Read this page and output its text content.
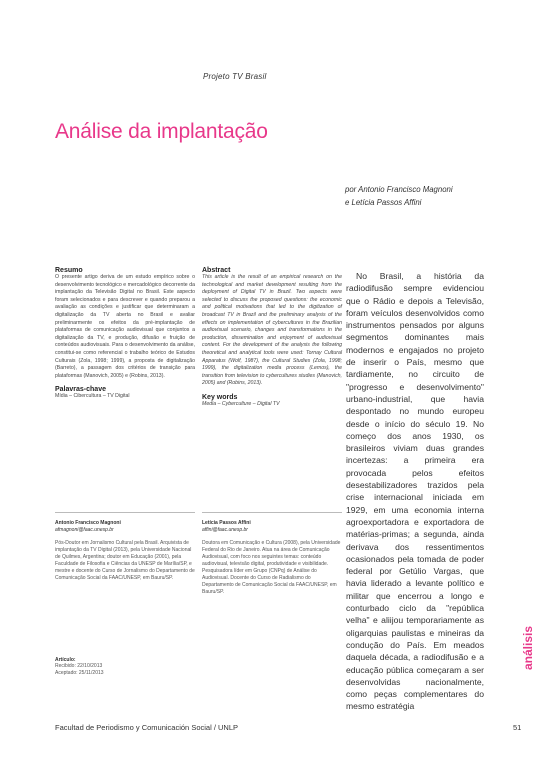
Projeto TV Brasil
Análise da implantação
por Antonio Francisco Magnoni
e Letícia Passos Affini
Resumo
O presente artigo deriva de um estudo empírico sobre o desenvolvimento tecnológico e mercadológico decorrente da implantação da Televisão Digital no Brasil. Este aspecto foram selecionados e para descrever e quando preparou a avaliação as condições e justificar que determinaram a digitalização da TV aberta no Brasil e avaliar preliminarmente os efeitos da pré-implantação de plataformas de comunicação audiovisual que conjuntos a digitalização da TV, e produção, difusão e fruição de conteúdos audiovisuais. Para o desenvolvimento da análise, constitui-se como referencial o trabalho teórico de Estudos Culturais (Zola, 1998; 1999), a proposta de digitalização (Barreto), a passagem dos critérios de transição para plataformas (Manovich, 2005) e (Robins, 2013).
Palavras-chave
Mídia – Cibercultura – TV Digital
Abstract
This article is the result of an empirical research on the technological and market development resulting from the deployment of Digital TV in Brazil. Two aspects were selected to discuss the proposed questions: the economic and political motivations that led to the digitization of broadcast TV in Brazil and the preliminary analysis of the effects on implementation of cybercultures in the Brazilian audiovisual scenario, changes and transformations in the production, dissemination and enjoyment of audiovisual content. For the development of the analysis the following theoretical and analytical tools were used: Tornay Cultural Apparatus (Wolf, 1987), the Cultural Studies (Zola, 1998; 1999), the digitalization media process (Lemos), the transition from television to cybercultures studies (Manovich, 2005) and (Robins, 2013).
Key words
Media – Cyberculture – Digital TV

No Brasil, a história da radiodifusão sempre evidenciou que o Rádio e depois a Televisão, foram veículos desenvolvidos como instrumentos pensados por alguns segmentos dominantes mais modernos e engajados no projeto de inserir o País, mesmo que tardiamente, no circuito de "progresso e desenvolvimento" urbano-industrial, que havia despontado no mundo europeu desde o início do século 19. No começo dos anos 1930, os brasileiros viviam duas grandes incertezas: a primeira era provocada pelos efeitos desestabilizadores trazidos pela crise internacional iniciada em 1929, em uma economia interna agroexportadora e exportadora de matérias-primas; a segunda, ainda derivava dos ressentimentos ocasionados pela tomada de poder federal por Getúlio Vargas, que havia liderado a levante político e militar que encerrou a longo e conturbado ciclo da "república velha" e aliijou temporariamente as oligarquias paulistas e mineiras da condução do País. Em meados daquela década, a radiodifusão e a educação pública começaram a ser desenvolvidas nacionalmente, como peças complementares do mesmo estratégia

Antonio Francisco Magnoni
afmagnoni@faac.unesp.br
Pós-Doutor em Jornalismo Cultural pela Brasil. Arquivista de implantação da TV Digital (2013), pela Universidade Nacional de Quilmes, Argentina; doutor em Educação (2001), pela Faculdade de Filosofia e Ciências da UNESP de Marília/SP, e mestre e docente do Curso de Jornalismo do Departamento de Comunicação Social da FAAC/UNESP, em Bauru/SP.
Letícia Passos Affini
affini@faac.unesp.br
Doutora em Comunicação e Cultura (2008), pela Universidade Federal do Rio de Janeiro. Atua na área de Comunicação Audiovisual, com foco nos seguintes temas: conteúdo audiovisual, televisão digital, produtividade e visibilidade. Pesquisadora líder em Grupo (CNPq) de Análise do Audiovisual. Docente do Curso de Radialismo do Departamento de Comunicação Social da FAAC/UNESP, em Bauru/SP.
Artículo:
Recibido: 22/10/2013
Aceptado: 25/11/2013
análisis
Facultad de Periodismo y Comunicación Social / UNLP	51
